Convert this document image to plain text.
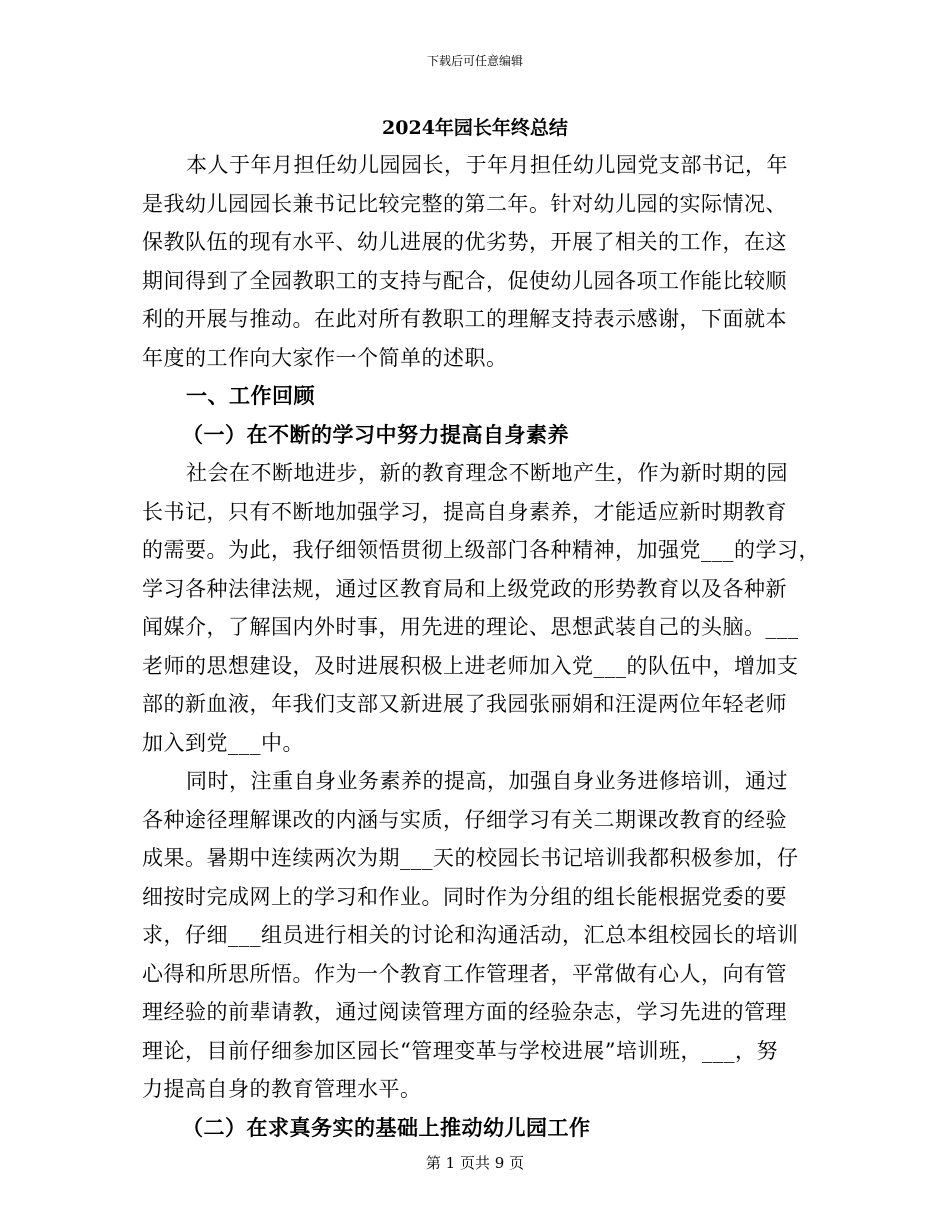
下载后可任意编辑
2024年园长年终总结
本人于年月担任幼儿园园长，于年月担任幼儿园党支部书记，年
是我幼儿园园长兼书记比较完整的第二年。针对幼儿园的实际情况、
保教队伍的现有水平、幼儿进展的优劣势，开展了相关的工作，在这
期间得到了全园教职工的支持与配合，促使幼儿园各项工作能比较顺
利的开展与推动。在此对所有教职工的理解支持表示感谢，下面就本
年度的工作向大家作一个简单的述职。
一、工作回顾
（一）在不断的学习中努力提高自身素养
社会在不断地进步，新的教育理念不断地产生，作为新时期的园
长书记，只有不断地加强学习，提高自身素养，才能适应新时期教育
的需要。为此，我仔细领悟贯彻上级部门各种精神，加强党___的学习，
学习各种法律法规，通过区教育局和上级党政的形势教育以及各种新
闻媒介，了解国内外时事，用先进的理论、思想武装自己的头脑。___
老师的思想建设，及时进展积极上进老师加入党___的队伍中，增加支
部的新血液，年我们支部又新进展了我园张丽娟和汪湜两位年轻老师
加入到党___中。
同时，注重自身业务素养的提高，加强自身业务进修培训，通过
各种途径理解课改的内涵与实质，仔细学习有关二期课改教育的经验
成果。暑期中连续两次为期___天的校园长书记培训我都积极参加，仔
细按时完成网上的学习和作业。同时作为分组的组长能根据党委的要
求，仔细___组员进行相关的讨论和沟通活动，汇总本组校园长的培训
心得和所思所悟。作为一个教育工作管理者，平常做有心人，向有管
理经验的前辈请教，通过阅读管理方面的经验杂志，学习先进的管理
理论，目前仔细参加区园长“管理变革与学校进展”培训班，___，努
力提高自身的教育管理水平。
（二）在求真务实的基础上推动幼儿园工作
第 1 页共 9 页
